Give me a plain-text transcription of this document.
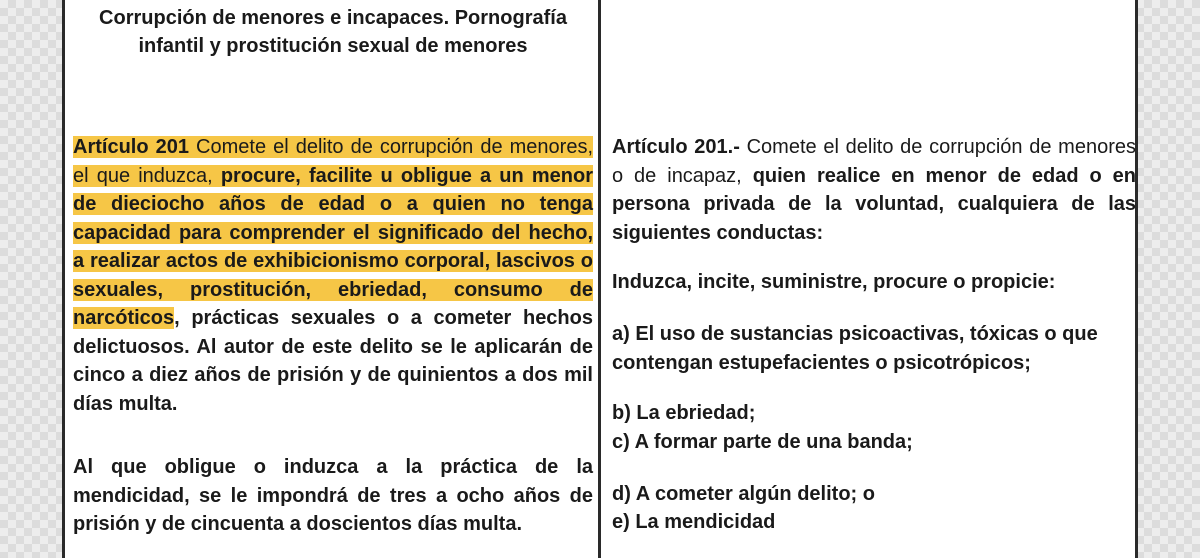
Corrupción de menores e incapaces. Pornografía infantil y prostitución sexual de menores
Artículo 201 Comete el delito de corrupción de menores, el que induzca, procure, facilite u obligue a un menor de dieciocho años de edad o a quien no tenga capacidad para comprender el significado del hecho, a realizar actos de exhibicionismo corporal, lascivos o sexuales, prostitución, ebriedad, consumo de narcóticos, prácticas sexuales o a cometer hechos delictuosos. Al autor de este delito se le aplicarán de cinco a diez años de prisión y de quinientos a dos mil días multa.
Al que obligue o induzca a la práctica de la mendicidad, se le impondrá de tres a ocho años de prisión y de cincuenta a doscientos días multa.
Artículo 201.- Comete el delito de corrupción de menores o de incapaz, quien realice en menor de edad o en persona privada de la voluntad, cualquiera de las siguientes conductas:
Induzca, incite, suministre, procure o propicie:
a) El uso de sustancias psicoactivas, tóxicas o que contengan estupefacientes o psicotrópicos;
b) La ebriedad;
c) A formar parte de una banda;
d) A cometer algún delito; o
e) La mendicidad
